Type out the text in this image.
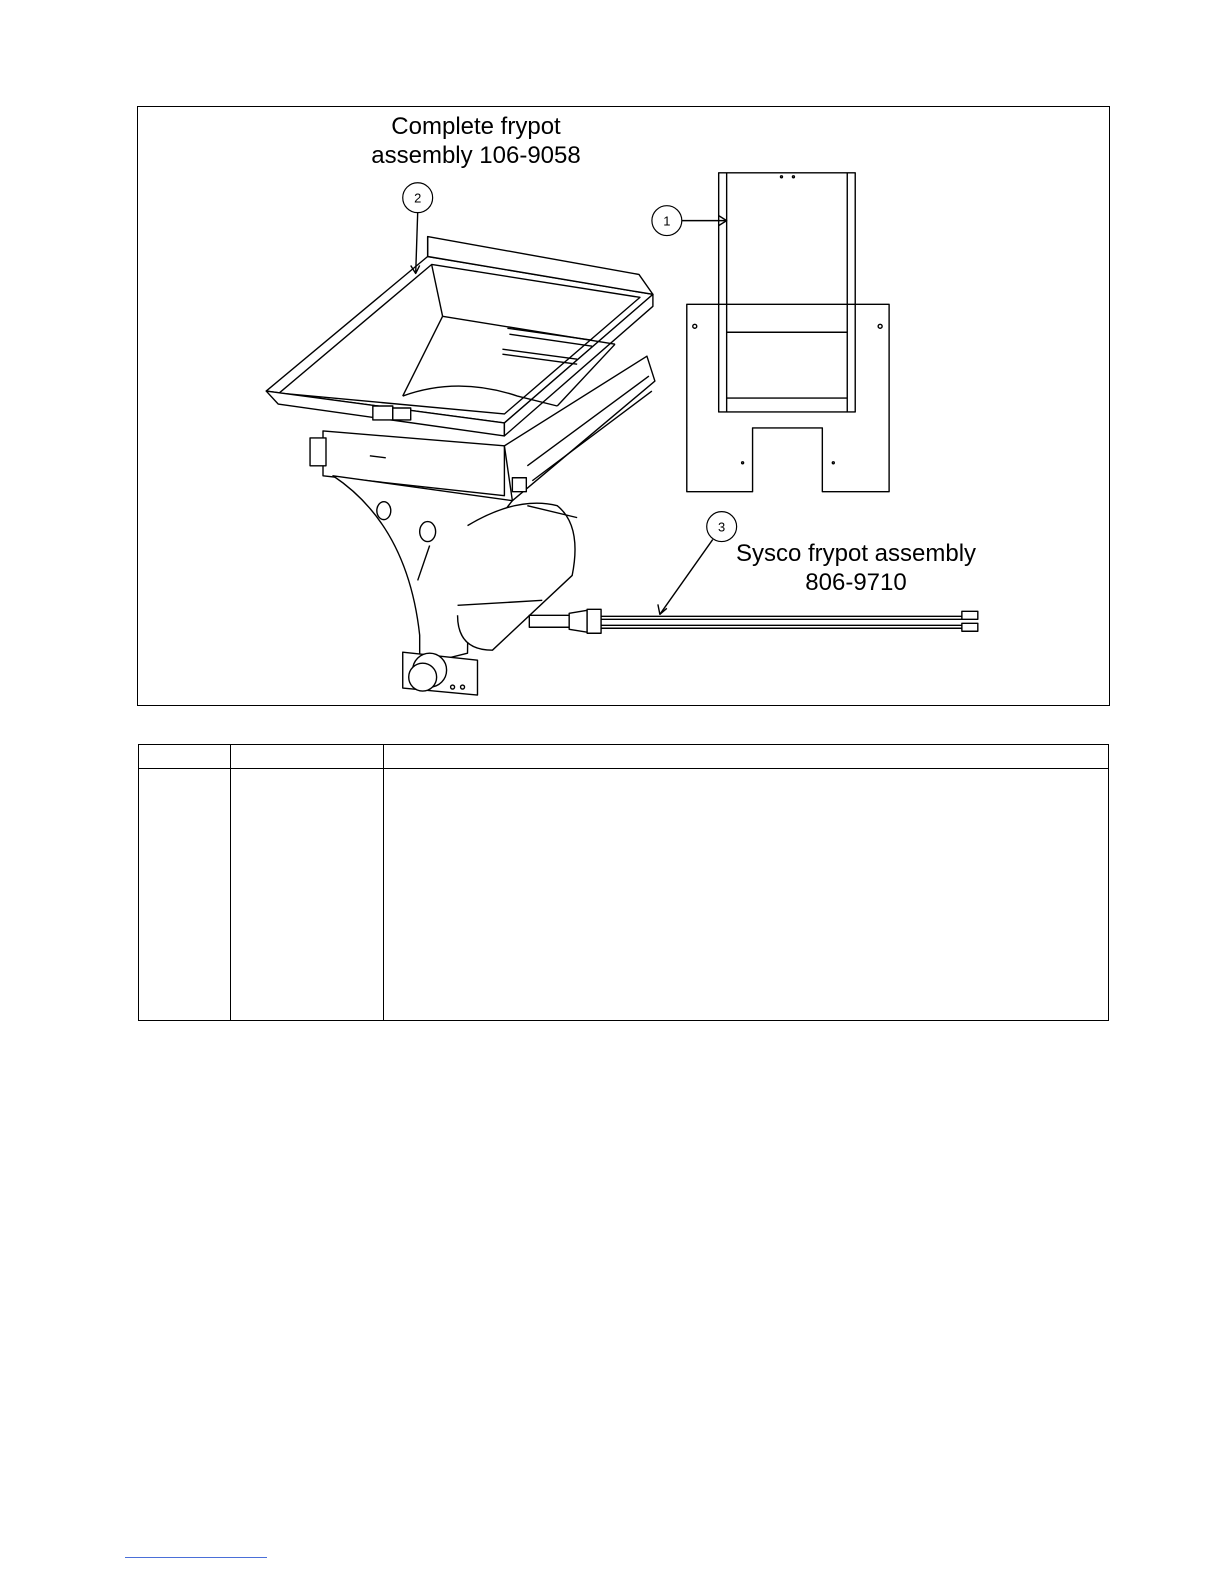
2
1
3
Complete frypot
assembly 106-9058
Sysco frypot assembly
806-9710
